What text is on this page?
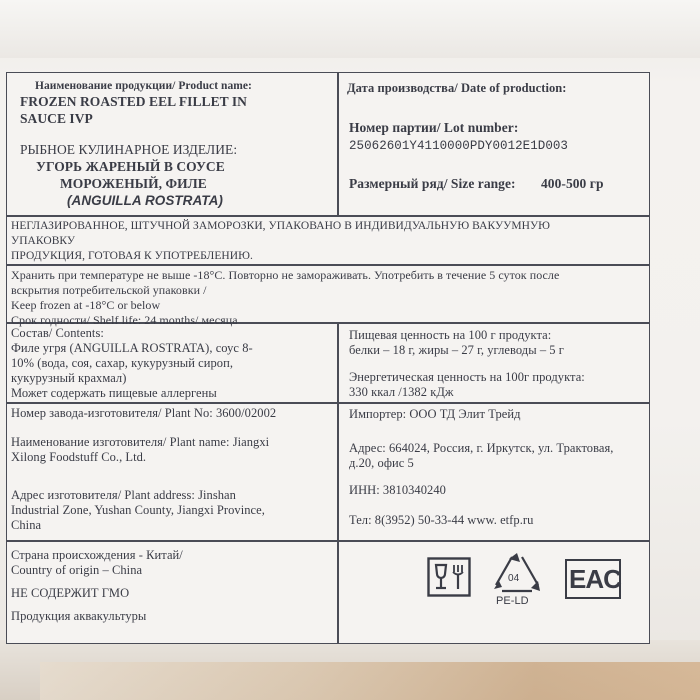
Наименование продукции/ Product name:
FROZEN ROASTED EEL FILLET IN
SAUCE IVP
РЫБНОЕ КУЛИНАРНОЕ ИЗДЕЛИЕ:
УГОРЬ ЖАРЕНЫЙ В СОУСЕ
МОРОЖЕНЫЙ, ФИЛЕ
(ANGUILLA ROSTRATA)
Дата производства/ Date of production:
Номер партии/ Lot number:
25062601Y4110000PDY0012E1D003
Размерный ряд/ Size range: 400-500 гр
НЕГЛАЗИРОВАННОЕ, ШТУЧНОЙ ЗАМОРОЗКИ, УПАКОВАНО В ИНДИВИДУАЛЬНУЮ ВАКУУМНУЮ
УПАКОВКУ
ПРОДУКЦИЯ, ГОТОВАЯ К УПОТРЕБЛЕНИЮ.
Хранить при температуре не выше -18°С. Повторно не замораживать. Употребить в течение 5 суток после
вскрытия потребительской упаковки /
Keep frozen at -18°C or below
Срок годности/ Shelf life: 24 months/ месяца
Состав/ Contents:
Филе угря (ANGUILLA ROSTRATA), соус 8-
10% (вода, соя, сахар, кукурузный сироп,
кукурузный крахмал)
Может содержать пищевые аллергены
Пищевая ценность на 100 г продукта:
белки – 18 г, жиры – 27 г, углеводы – 5 г
Энергетическая ценность на 100г продукта:
330 ккал /1382 кДж
Номер завода-изготовителя/ Plant No: 3600/02002
Наименование изготовителя/ Plant name: Jiangxi
Xilong Foodstuff Co., Ltd.
Адрес изготовителя/ Plant address: Jinshan
Industrial Zone, Yushan County, Jiangxi Province,
China
Импортер: ООО ТД Элит Трейд
Адрес: 664024, Россия, г. Иркутск, ул. Трактовая,
д.20, офис 5
ИНН: 3810340240
Тел: 8(3952) 50-33-44 www. etfp.ru
Страна происхождения - Китай/
Country of origin – China
НЕ СОДЕРЖИТ ГМО
Продукция аквакультуры
04
PE-LD
EAC
